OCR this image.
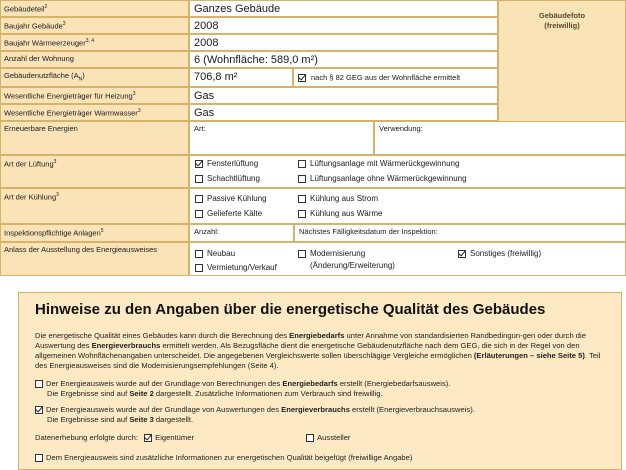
Gebäudeteil$^2$	Ganzes Gebäude
Baujahr Gebäude$^3$	2008
Baujahr Wärmeerzeuger$^{3, 4}$	2008
Anzahl der Wohnung	6 (Wohnfläche: 589,0 m²)
Gebäudenutzfläche $(A_N)$	706,8 m²	nach § 82 GEG aus der Wohnfläche ermittelt
Wesentliche Energieträger für Heizung$^3$	Gas
Wesentliche Energieträger Warmwasser$^3$	Gas
Gebäudefoto
(freiwillig)
Erneuerbare Energien	Art:	Verwendung:
Art der Lüftung$^3$	Fensterlüftung	Lüftungsanlage mit Wärmerückgewinnung
Schachtlüftung	Lüftungsanlage ohne Wärmerückgewinnung
Art der Kühlung$^3$	Passive Kühlung	Kühlung aus Strom
Gelieferte Kälte	Kühlung aus Wärme
Inspektionspflichtige Anlagen$^5$	Anzahl:	Nächstes Fälligkeitsdatum der Inspektion:
Anlass der Ausstellung des Energieausweises	Neubau	Modernisierung	Sonstiges (freiwillig)
Vermietung/Verkauf	(Änderung/Erweiterung)
Hinweise zu den Angaben über die energetische Qualität des Gebäudes
Die energetische Qualität eines Gebäudes kann durch die Berechnung des Energiebedarfs unter Annahme von standardisierten Randbedingun-gen oder durch die Auswertung des Energieverbrauchs ermittelt werden. Als Bezugsfläche dient die energetische Gebäudenutzfläche nach dem GEG, die sich in der Regel von den allgemeinen Wohnflächenangaben unterscheidet. Die angegebenen Vergleichswerte sollen überschlägige Vergleiche ermöglichen (Erläuterungen – siehe Seite 5). Teil des Energieausweises sind die Modernisierungsempfehlungen (Seite 4).
Der Energieausweis wurde auf der Grundlage von Berechnungen des Energiebedarfs erstellt (Energiebedarfsausweis).
Die Ergebnisse sind auf Seite 2 dargestellt. Zusätzliche Informationen zum Verbrauch sind freiwillig.
Der Energieausweis wurde auf der Grundlage von Auswertungen des Energieverbrauchs erstellt (Energieverbrauchsausweis).
Die Ergebnisse sind auf Seite 3 dargestellt.
Datenerhebung erfolgte durch: Eigentümer	Aussteller
Dem Energieausweis sind zusätzliche Informationen zur energetischen Qualität beigefügt (freiwillige Angabe)
